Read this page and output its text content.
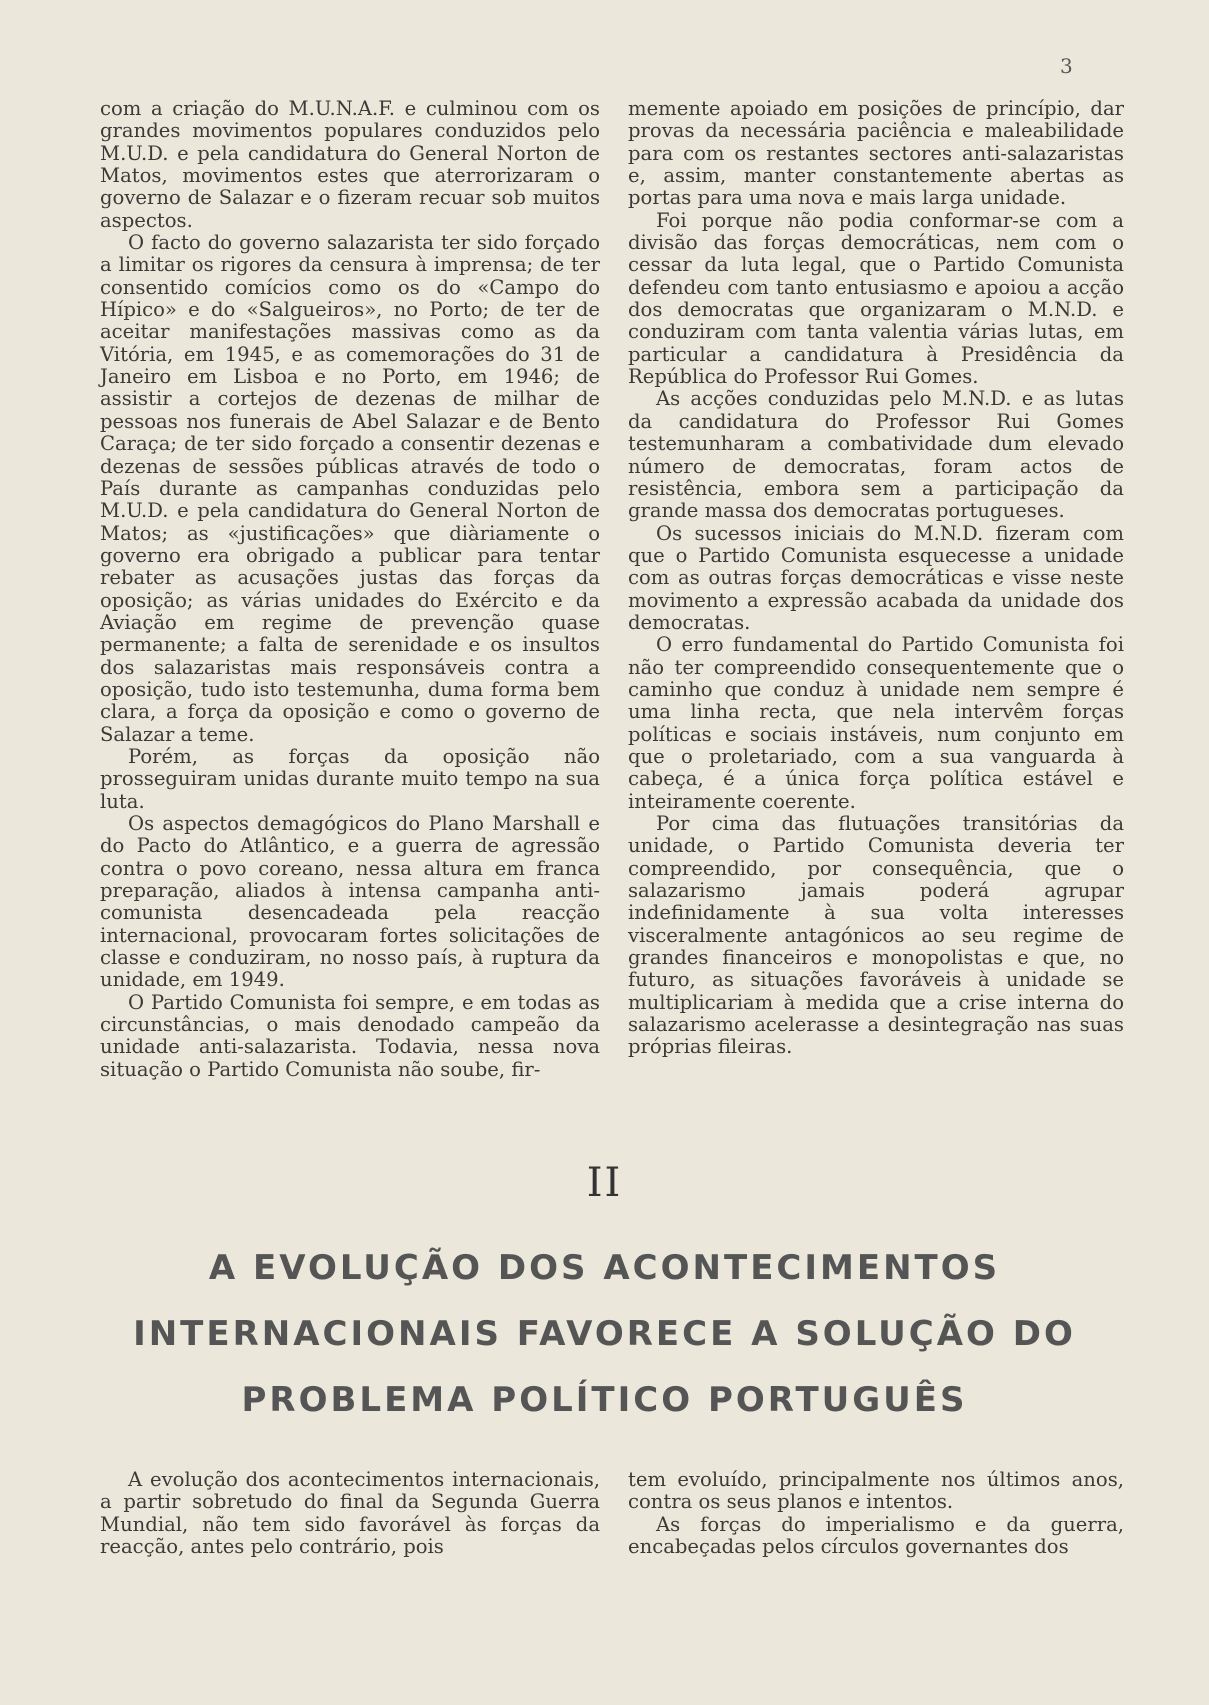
3

com a criação do M.U.N.A.F. e culminou com os grandes movimentos populares conduzidos pelo M.U.D. e pela candidatura do General Norton de Matos, movimentos estes que aterrorizaram o governo de Salazar e o fizeram recuar sob muitos aspectos.

O facto do governo salazarista ter sido forçado a limitar os rigores da censura à imprensa; de ter consentido comícios como os do «Campo do Hípico» e do «Salgueiros», no Porto; de ter de aceitar manifestações massivas como as da Vitória, em 1945, e as comemorações do 31 de Janeiro em Lisboa e no Porto, em 1946; de assistir a cortejos de dezenas de milhar de pessoas nos funerais de Abel Salazar e de Bento Caraça; de ter sido forçado a consentir dezenas e dezenas de sessões públicas através de todo o País durante as campanhas conduzidas pelo M.U.D. e pela candidatura do General Norton de Matos; as «justificações» que diàriamente o governo era obrigado a publicar para tentar rebater as acusações justas das forças da oposição; as várias unidades do Exército e da Aviação em regime de prevenção quase permanente; a falta de serenidade e os insultos dos salazaristas mais responsáveis contra a oposição, tudo isto testemunha, duma forma bem clara, a força da oposição e como o governo de Salazar a teme.

Porém, as forças da oposição não prosseguiram unidas durante muito tempo na sua luta.

Os aspectos demagógicos do Plano Marshall e do Pacto do Atlântico, e a guerra de agressão contra o povo coreano, nessa altura em franca preparação, aliados à intensa campanha anti-comunista desencadeada pela reacção internacional, provocaram fortes solicitações de classe e conduziram, no nosso país, à ruptura da unidade, em 1949.

O Partido Comunista foi sempre, e em todas as circunstâncias, o mais denodado campeão da unidade anti-salazarista. Todavia, nessa nova situação o Partido Comunista não soube, fir-

memente apoiado em posições de princípio, dar provas da necessária paciência e maleabilidade para com os restantes sectores anti-salazaristas e, assim, manter constantemente abertas as portas para uma nova e mais larga unidade.

Foi porque não podia conformar-se com a divisão das forças democráticas, nem com o cessar da luta legal, que o Partido Comunista defendeu com tanto entusiasmo e apoiou a acção dos democratas que organizaram o M.N.D. e conduziram com tanta valentia várias lutas, em particular a candidatura à Presidência da República do Professor Rui Gomes.

As acções conduzidas pelo M.N.D. e as lutas da candidatura do Professor Rui Gomes testemunharam a combatividade dum elevado número de democratas, foram actos de resistência, embora sem a participação da grande massa dos democratas portugueses.

Os sucessos iniciais do M.N.D. fizeram com que o Partido Comunista esquecesse a unidade com as outras forças democráticas e visse neste movimento a expressão acabada da unidade dos democratas.

O erro fundamental do Partido Comunista foi não ter compreendido consequentemente que o caminho que conduz à unidade nem sempre é uma linha recta, que nela intervêm forças políticas e sociais instáveis, num conjunto em que o proletariado, com a sua vanguarda à cabeça, é a única força política estável e inteiramente coerente.

Por cima das flutuações transitórias da unidade, o Partido Comunista deveria ter compreendido, por consequência, que o salazarismo jamais poderá agrupar indefinidamente à sua volta interesses visceralmente antagónicos ao seu regime de grandes financeiros e monopolistas e que, no futuro, as situações favoráveis à unidade se multiplicariam à medida que a crise interna do salazarismo acelerasse a desintegração nas suas próprias fileiras.

II
A EVOLUÇÃO DOS ACONTECIMENTOS
INTERNACIONAIS FAVORECE A SOLUÇÃO DO
PROBLEMA POLÍTICO PORTUGUÊS

A evolução dos acontecimentos internacionais, a partir sobretudo do final da Segunda Guerra Mundial, não tem sido favorável às forças da reacção, antes pelo contrário, pois

tem evoluído, principalmente nos últimos anos, contra os seus planos e intentos.

As forças do imperialismo e da guerra, encabeçadas pelos círculos governantes dos
